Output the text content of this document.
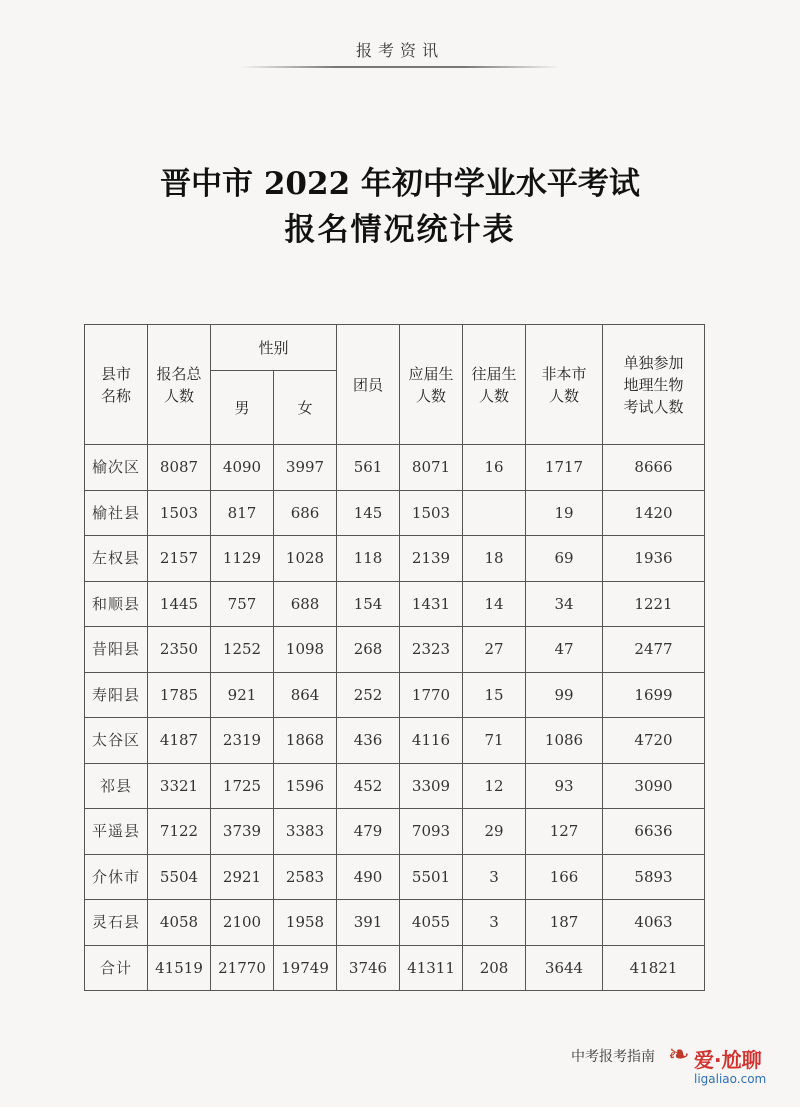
报考资讯
晋中市 2022 年初中学业水平考试
报名情况统计表
县市名称	报名总人数	性别		团员	应届生人数	往届生人数	非本市人数	单独参加地理生物考试人数

		男	女					
榆次区	8087	4090	3997	561	8071	16	1717	8666
榆社县	1503	817	686	145	1503		19	1420
左权县	2157	1129	1028	118	2139	18	69	1936
和顺县	1445	757	688	154	1431	14	34	1221
昔阳县	2350	1252	1098	268	2323	27	47	2477
寿阳县	1785	921	864	252	1770	15	99	1699
太谷区	4187	2319	1868	436	4116	71	1086	4720
祁县	3321	1725	1596	452	3309	12	93	3090
平遥县	7122	3739	3383	479	7093	29	127	6636
介休市	5504	2921	2583	490	5501	3	166	5893
灵石县	4058	2100	1958	391	4055	3	187	4063
合计	41519	21770	19749	3746	41311	208	3644	41821
中考报考指南 ❧ 爱·尬聊
ligaliao.com
